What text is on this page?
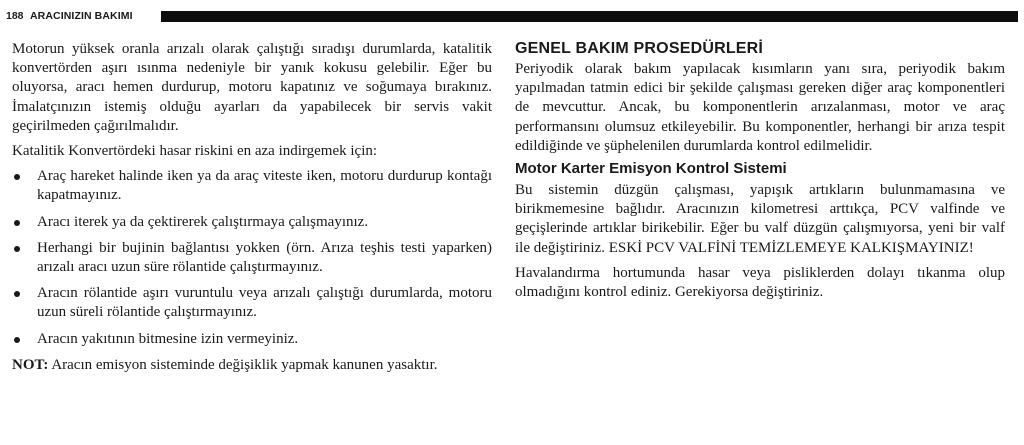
188 ARACINIZIN BAKIMI

Motorun yüksek oranla arızalı olarak çalıştığı sıradışı durumlarda, katalitik konvertörden aşırı ısınma nedeniyle bir yanık kokusu gelebilir. Eğer bu oluyorsa, aracı hemen durdurup, motoru kapatınız ve soğumaya bırakınız. İmalatçınızın istemiş olduğu ayarları da yapabilecek bir servis vakit geçirilmeden çağırılmalıdır.

Katalitik Konvertördeki hasar riskini en aza indirgemek için:

Araç hareket halinde iken ya da araç viteste iken, motoru durdurup kontağı kapatmayınız.
Aracı iterek ya da çektirerek çalıştırmaya çalışmayınız.
Herhangi bir bujinin bağlantısı yokken (örn. Arıza teşhis testi yaparken) arızalı aracı uzun süre rölantide çalıştırmayınız.
Aracın rölantide aşırı vuruntulu veya arızalı çalıştığı durumlarda, motoru uzun süreli rölantide çalıştırmayınız.
Aracın yakıtının bitmesine izin vermeyiniz.

NOT: Aracın emisyon sisteminde değişiklik yapmak kanunen yasaktır.

GENEL BAKIM PROSEDÜRLERİ

Periyodik olarak bakım yapılacak kısımların yanı sıra, periyodik bakım yapılmadan tatmin edici bir şekilde çalışması gereken diğer araç komponentleri de mevcuttur. Ancak, bu komponentlerin arızalanması, motor ve araç performansını olumsuz etkileyebilir. Bu komponentler, herhangi bir arıza tespit edildiğinde ve şüphelenilen durumlarda kontrol edilmelidir.

Motor Karter Emisyon Kontrol Sistemi

Bu sistemin düzgün çalışması, yapışık artıkların bulunmamasına ve birikmemesine bağlıdır. Aracınızın kilometresi arttıkça, PCV valfinde ve geçişlerinde artıklar birikebilir. Eğer bu valf düzgün çalışmıyorsa, yeni bir valf ile değiştiriniz. ESKİ PCV VALFİNİ TEMİZLEMEYE KALKIŞMAYINIZ!

Havalandırma hortumunda hasar veya pisliklerden dolayı tıkanma olup olmadığını kontrol ediniz. Gerekiyorsa değiştiriniz.
